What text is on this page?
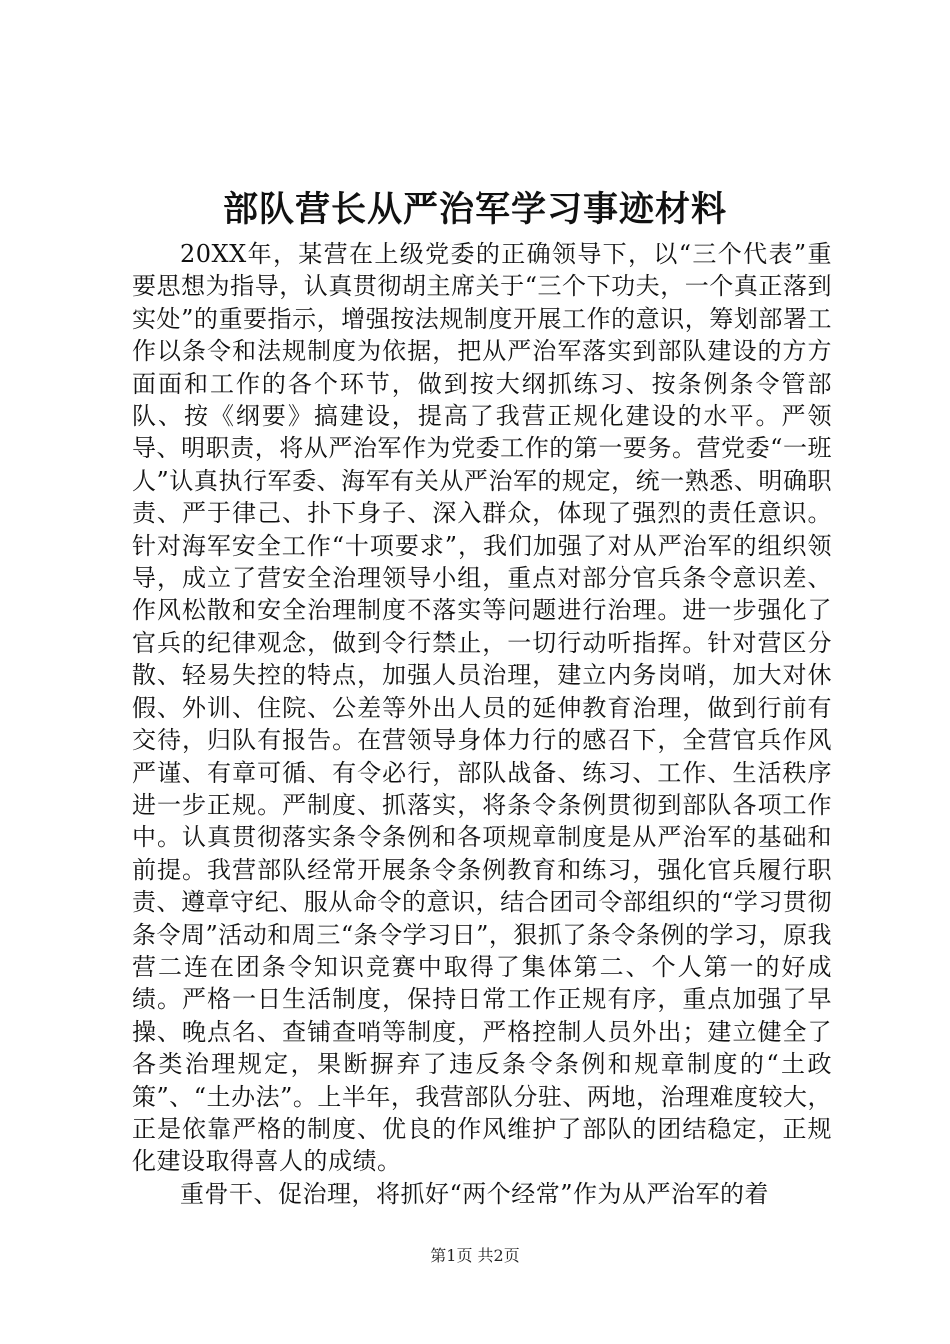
部队营长从严治军学习事迹材料

20XX年，某营在上级党委的正确领导下，以“三个代表”重要思想为指导，认真贯彻胡主席关于“三个下功夫，一个真正落到实处”的重要指示，增强按法规制度开展工作的意识，筹划部署工作以条令和法规制度为依据，把从严治军落实到部队建设的方方面面和工作的各个环节，做到按大纲抓练习、按条例条令管部队、按《纲要》搞建设，提高了我营正规化建设的水平。严领导、明职责，将从严治军作为党委工作的第一要务。营党委“一班人”认真执行军委、海军有关从严治军的规定，统一熟悉、明确职责、严于律己、扑下身子、深入群众，体现了强烈的责任意识。针对海军安全工作“十项要求”，我们加强了对从严治军的组织领导，成立了营安全治理领导小组，重点对部分官兵条令意识差、作风松散和安全治理制度不落实等问题进行治理。进一步强化了官兵的纪律观念，做到令行禁止，一切行动听指挥。针对营区分散、轻易失控的特点，加强人员治理，建立内务岗哨，加大对休假、外训、住院、公差等外出人员的延伸教育治理，做到行前有交待，归队有报告。在营领导身体力行的感召下，全营官兵作风严谨、有章可循、有令必行，部队战备、练习、工作、生活秩序进一步正规。严制度、抓落实，将条令条例贯彻到部队各项工作中。认真贯彻落实条令条例和各项规章制度是从严治军的基础和前提。我营部队经常开展条令条例教育和练习，强化官兵履行职责、遵章守纪、服从命令的意识，结合团司令部组织的“学习贯彻条令周”活动和周三“条令学习日”，狠抓了条令条例的学习，原我营二连在团条令知识竞赛中取得了集体第二、个人第一的好成绩。严格一日生活制度，保持日常工作正规有序，重点加强了早操、晚点名、查铺查哨等制度，严格控制人员外出；建立健全了各类治理规定，果断摒弃了违反条令条例和规章制度的“土政策”、“土办法”。上半年，我营部队分驻、两地，治理难度较大，正是依靠严格的制度、优良的作风维护了部队的团结稳定，正规化建设取得喜人的成绩。

重骨干、促治理，将抓好“两个经常”作为从严治军的着

第1页 共2页
